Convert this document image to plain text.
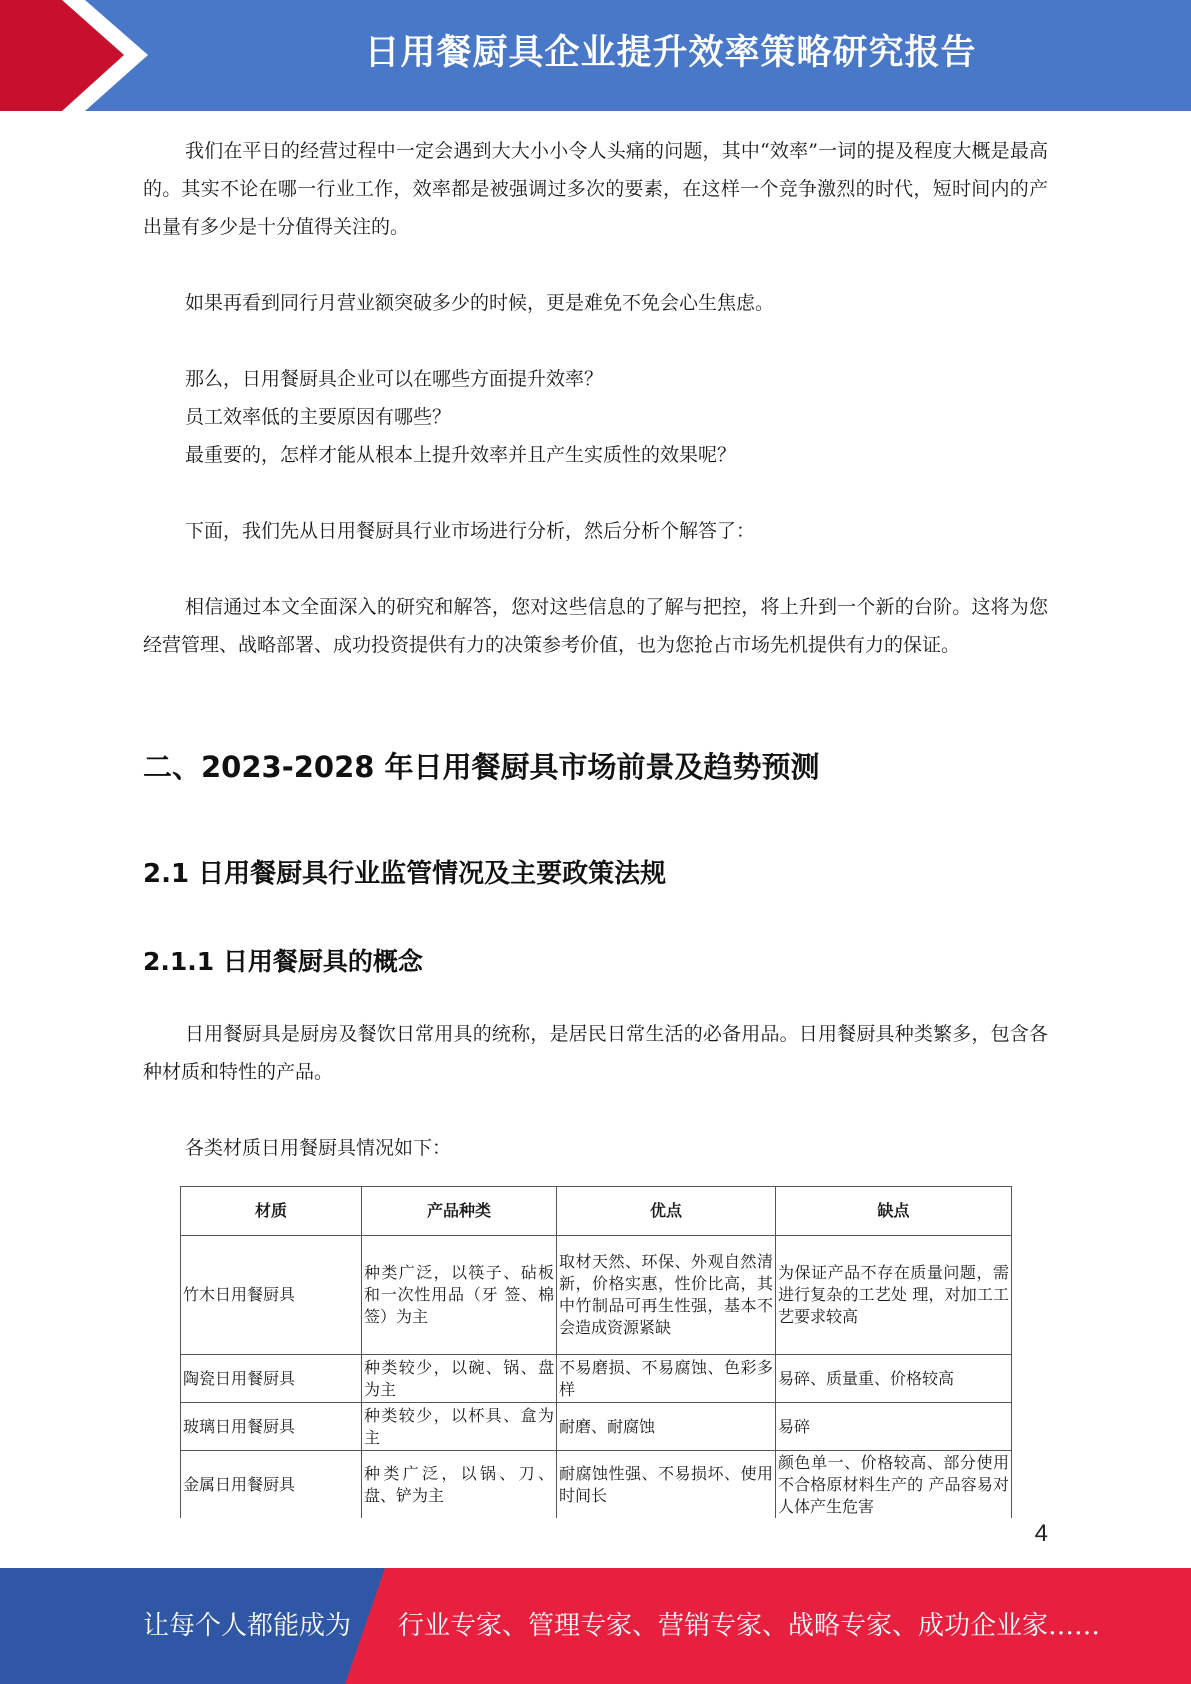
日用餐厨具企业提升效率策略研究报告

我们在平日的经营过程中一定会遇到大大小小令人头痛的问题，其中“效率”一词的提及程度大概是最高的。其实不论在哪一行业工作，效率都是被强调过多次的要素，在这样一个竞争激烈的时代，短时间内的产出量有多少是十分值得关注的。

如果再看到同行月营业额突破多少的时候，更是难免不免会心生焦虑。

那么，日用餐厨具企业可以在哪些方面提升效率？

员工效率低的主要原因有哪些？

最重要的，怎样才能从根本上提升效率并且产生实质性的效果呢？

下面，我们先从日用餐厨具行业市场进行分析，然后分析个解答了：

相信通过本文全面深入的研究和解答，您对这些信息的了解与把控，将上升到一个新的台阶。这将为您经营管理、战略部署、成功投资提供有力的决策参考价值，也为您抢占市场先机提供有力的保证。

二、2023-2028 年日用餐厨具市场前景及趋势预测
2.1 日用餐厨具行业监管情况及主要政策法规
2.1.1 日用餐厨具的概念

日用餐厨具是厨房及餐饮日常用具的统称，是居民日常生活的必备用品。日用餐厨具种类繁多，包含各种材质和特性的产品。

各类材质日用餐厨具情况如下：

材质	产品种类	优点	缺点
竹木日用餐厨具	种类广泛，以筷子、砧板和一次性用品（牙 签、棉签）为主	取材天然、环保、外观自然清新，价格实惠，性价比高，其中竹制品可再生性强，基本不会造成资源紧缺	为保证产品不存在质量问题，需进行复杂的工艺处 理，对加工工艺要求较高
陶瓷日用餐厨具	种类较少，以碗、锅、盘为主	不易磨损、不易腐蚀、色彩多样	易碎、质量重、价格较高
玻璃日用餐厨具	种类较少，以杯具、盒为主	耐磨、耐腐蚀	易碎
金属日用餐厨具	种类广泛，以锅、刀、盘、铲为主	耐腐蚀性强、不易损坏、使用时间长	颜色单一、价格较高、部分使用不合格原材料生产的 产品容易对人体产生危害
4
让每个人都能成为 行业专家、管理专家、营销专家、战略专家、成功企业家……
